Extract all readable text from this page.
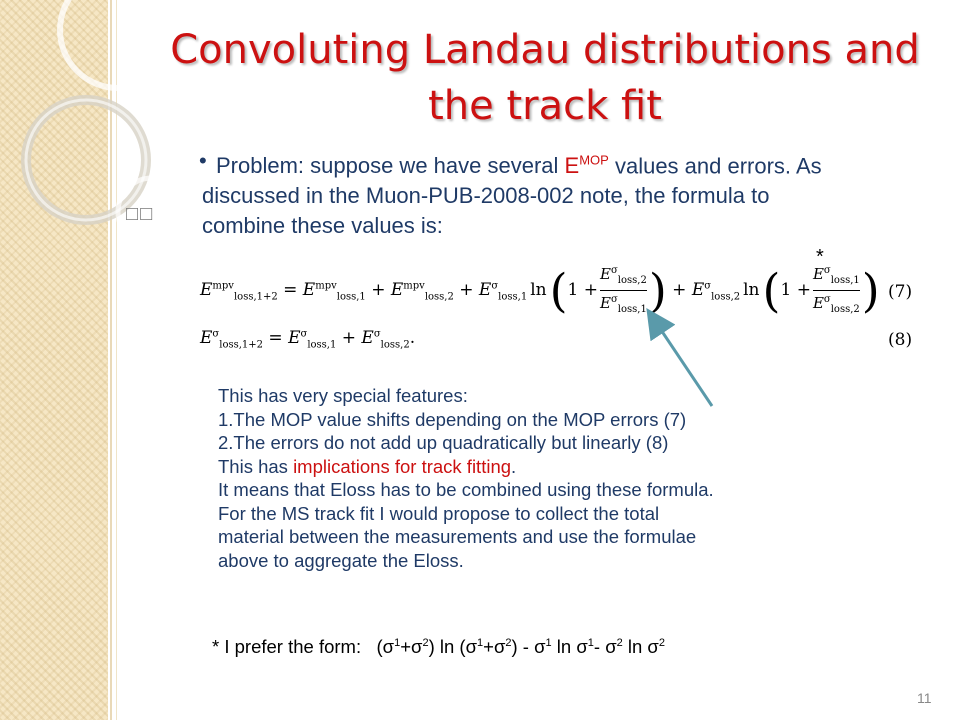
Convoluting Landau distributions and
the track fit
□□
• Problem: suppose we have several $E^{MOP}$ values and errors. As discussed in the Muon-PUB-2008-002 note, the formula to combine these values is:
*
$E^{mpv}_{loss,1+2} = E^{mpv}_{loss,1} + E^{mpv}_{loss,2} + E^\sigma_{loss,1}$ $\ln(1 + \frac{E^\sigma_{loss,2}}{E^\sigma_{loss,1}}$ ) + $E^\sigma_{loss,2}$ $\ln(1 + \frac{E^\sigma_{loss,1}}{E^\sigma_{loss,2}}$ ) (7)
$E^\sigma_{loss,1+2} = E^\sigma_{loss,1} + E^\sigma_{loss,2}$.	(8)
This has very special features:
1.The MOP value shifts depending on the MOP errors (7)
2.The errors do not add up quadratically but linearly (8)
This has implications for track fitting.
It means that Eloss has to be combined using these formula.
For the MS track fit I would propose to collect the total
material between the measurements and use the formulae
above to aggregate the Eloss.
* I prefer the form:   $(\sigma^1+\sigma^2)$ $\ln (\sigma^1+\sigma^2) - \sigma^1$ $\ln \sigma^1-$ $\sigma^2$ $\ln \sigma^2$
11
